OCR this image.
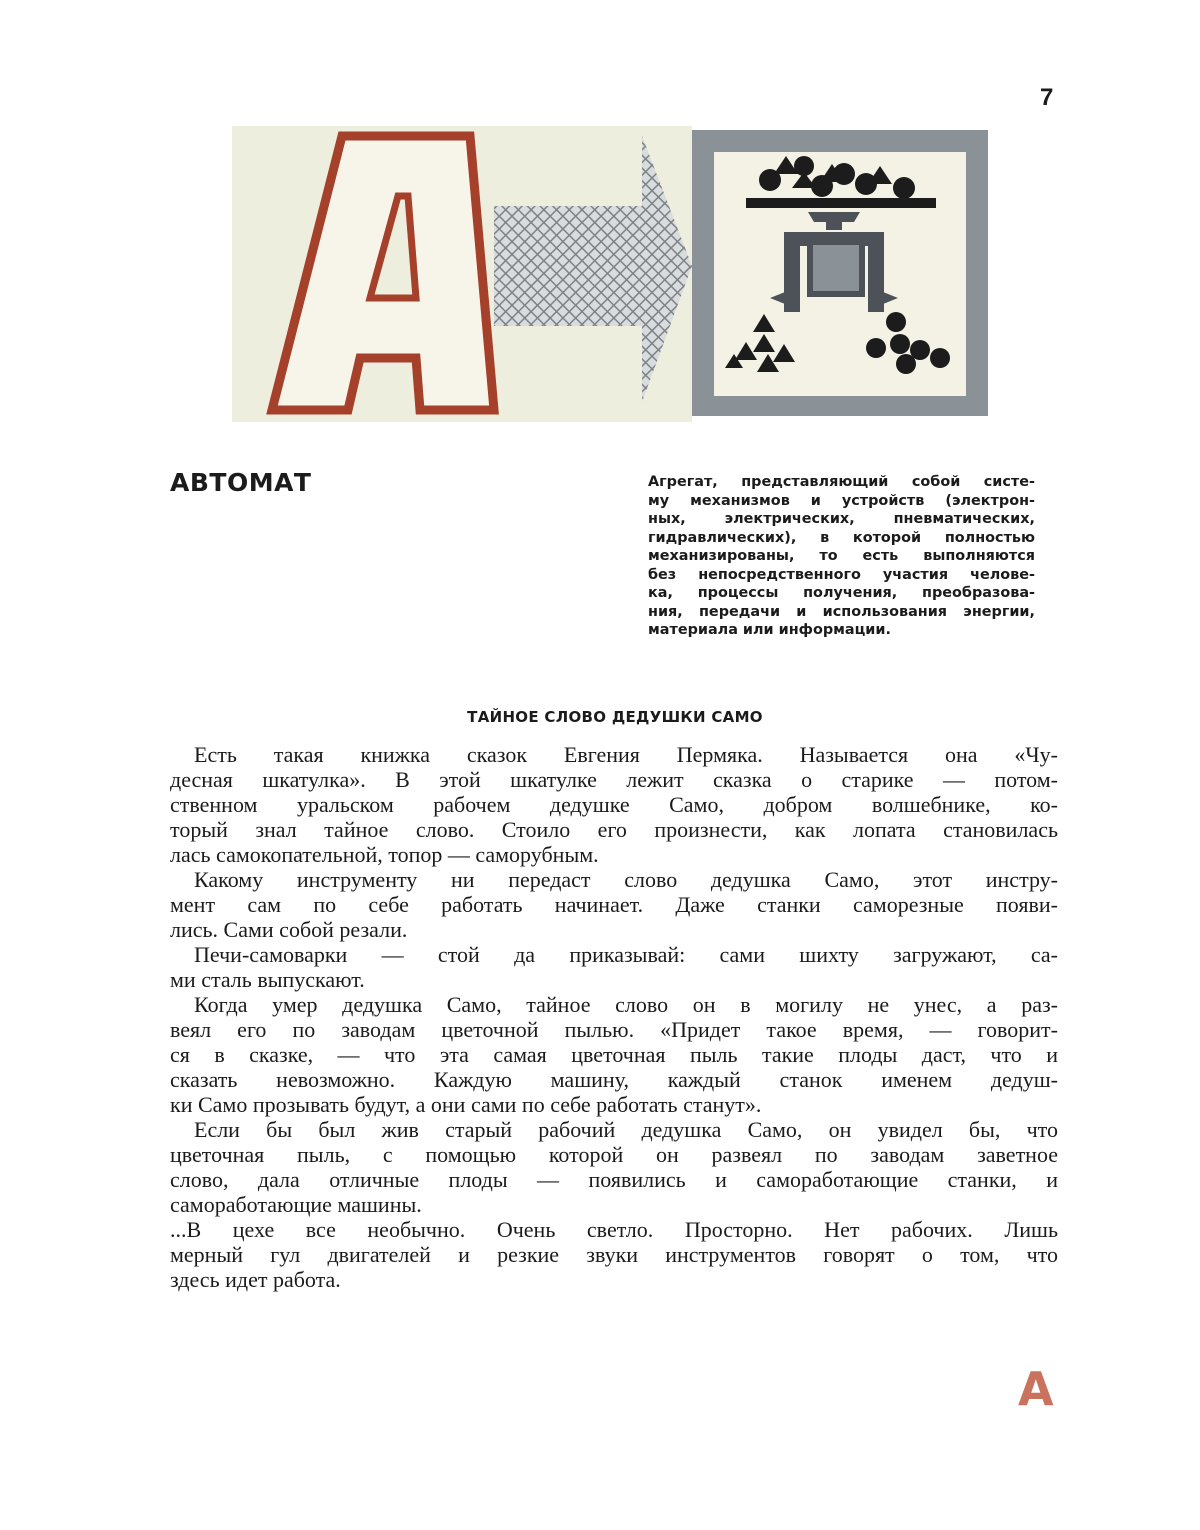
7
АВТОМАТ	Агрегат, представляющий собой систе-
му механизмов и устройств (электрон-
ных, электрических, пневматических,
гидравлических), в которой полностью
механизированы, то есть выполняются
без непосредственного участия челове-
ка, процессы получения, преобразова-
ния, передачи и использования энергии,
материала или информации.
ТАЙНОЕ СЛОВО ДЕДУШКИ САМО
Есть такая книжка сказок Евгения Пермяка. Называется она «Чу-
десная шкатулка». В этой шкатулке лежит сказка о старике — потом-
ственном уральском рабочем дедушке Само, добром волшебнике, ко-
торый знал тайное слово. Стоило его произнести, как лопата становилась
лась самокопательной, топор — саморубным.
Какому инструменту ни передаст слово дедушка Само, этот инстру-
мент сам по себе работать начинает. Даже станки саморезные появи-
лись. Сами собой резали.
Печи-самоварки — стой да приказывай: сами шихту загружают, са-
ми сталь выпускают.
Когда умер дедушка Само, тайное слово он в могилу не унес, а раз-
веял его по заводам цветочной пылью. «Придет такое время, — говорит-
ся в сказке, — что эта самая цветочная пыль такие плоды даст, что и
сказать невозможно. Каждую машину, каждый станок именем дедуш-
ки Само прозывать будут, а они сами по себе работать станут».
Если бы был жив старый рабочий дедушка Само, он увидел бы, что
цветочная пыль, с помощью которой он развеял по заводам заветное
слово, дала отличные плоды — появились и самоработающие станки, и
самоработающие машины.
...В цехе все необычно. Очень светло. Просторно. Нет рабочих. Лишь
мерный гул двигателей и резкие звуки инструментов говорят о том, что
здесь идет работа.
А
